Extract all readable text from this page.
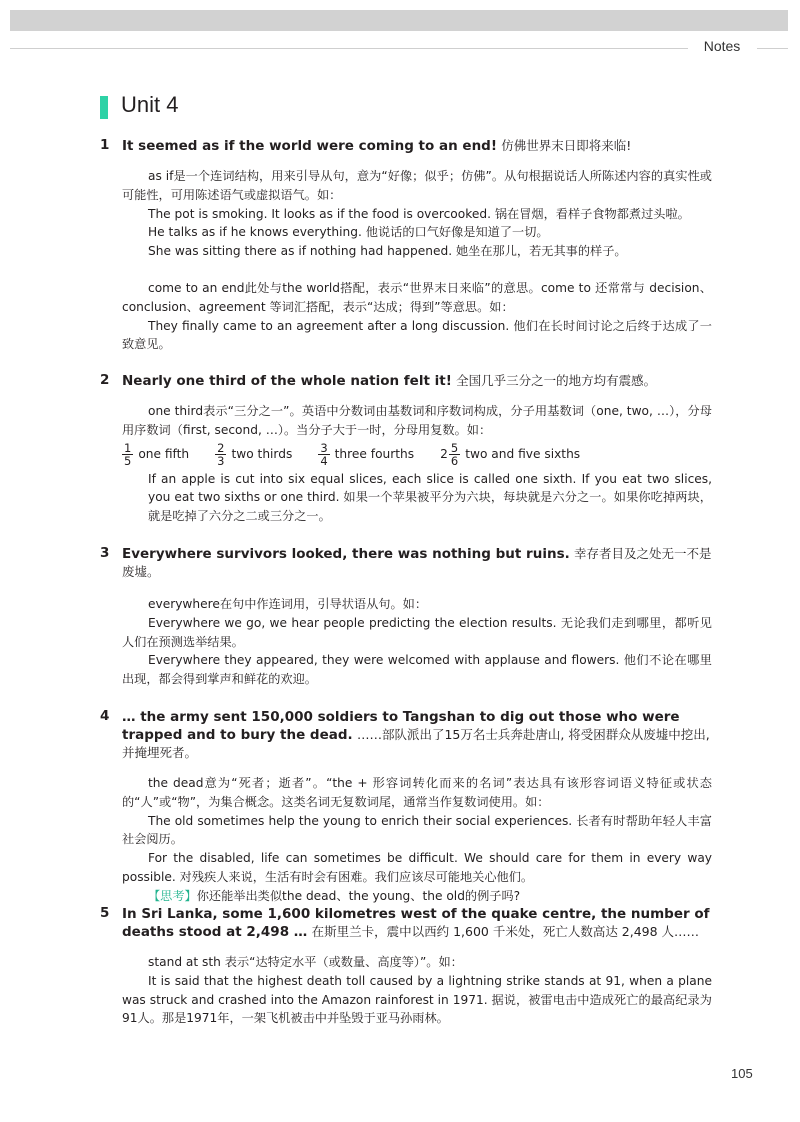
Notes
Unit 4
1 It seemed as if the world were coming to an end! 仿佛世界末日即将来临!

as if是一个连词结构，用来引导从句，意为“好像；似乎；仿佛”。从句根据说话人所陈述内容的真实性或可能性，可用陈述语气或虚拟语气。如：

The pot is smoking. It looks as if the food is overcooked. 锅在冒烟，看样子食物都煮过头啦。

He talks as if he knows everything. 他说话的口气好像是知道了一切。

She was sitting there as if nothing had happened. 她坐在那儿，若无其事的样子。

come to an end此处与the world搭配，表示“世界末日来临”的意思。come to 还常常与 decision、conclusion、agreement 等词汇搭配，表示“达成；得到”等意思。如：

They finally came to an agreement after a long discussion. 他们在长时间讨论之后终于达成了一致意见。

2 Nearly one third of the whole nation felt it! 全国几乎三分之一的地方均有震感。

one third表示“三分之一”。英语中分数词由基数词和序数词构成，分子用基数词（one, two, …），分母用序数词（first, second, …）。当分子大于一时，分母用复数。如：

$\frac{1}{5}$ one fifth $\frac{2}{3}$ two thirds $\frac{3}{4}$ three fourths $2 \frac{5}{6}$ two and five sixths

If an apple is cut into six equal slices, each slice is called one sixth. If you eat two slices, you eat two sixths or one third. 如果一个苹果被平分为六块，每块就是六分之一。如果你吃掉两块，就是吃掉了六分之二或三分之一。

3 Everywhere survivors looked, there was nothing but ruins. 幸存者目及之处无一不是废墟。

everywhere在句中作连词用，引导状语从句。如：

Everywhere we go, we hear people predicting the election results. 无论我们走到哪里，都听见人们在预测选举结果。

Everywhere they appeared, they were welcomed with applause and flowers. 他们不论在哪里出现，都会得到掌声和鲜花的欢迎。

4 … the army sent 150,000 soldiers to Tangshan to dig out those who were trapped and to bury the dead. ……部队派出了15万名士兵奔赴唐山, 将受困群众从废墟中挖出, 并掩埋死者。

the dead意为“死者；逝者”。“the + 形容词转化而来的名词”表达具有该形容词语义特征或状态的“人”或“物”，为集合概念。这类名词无复数词尾，通常当作复数词使用。如：

The old sometimes help the young to enrich their social experiences. 长者有时帮助年轻人丰富社会阅历。

For the disabled, life can sometimes be difficult. We should care for them in every way possible. 对残疾人来说，生活有时会有困难。我们应该尽可能地关心他们。

【思考】你还能举出类似the dead、the young、the old的例子吗?

5 In Sri Lanka, some 1,600 kilometres west of the quake centre, the number of deaths stood at 2,498 … 在斯里兰卡，震中以西约 1,600 千米处，死亡人数高达 2,498 人……

stand at sth 表示“达特定水平（或数量、高度等）”。如：

It is said that the highest death toll caused by a lightning strike stands at 91, when a plane was struck and crashed into the Amazon rainforest in 1971. 据说，被雷电击中造成死亡的最高纪录为91人。那是1971年，一架飞机被击中并坠毁于亚马孙雨林。

105
